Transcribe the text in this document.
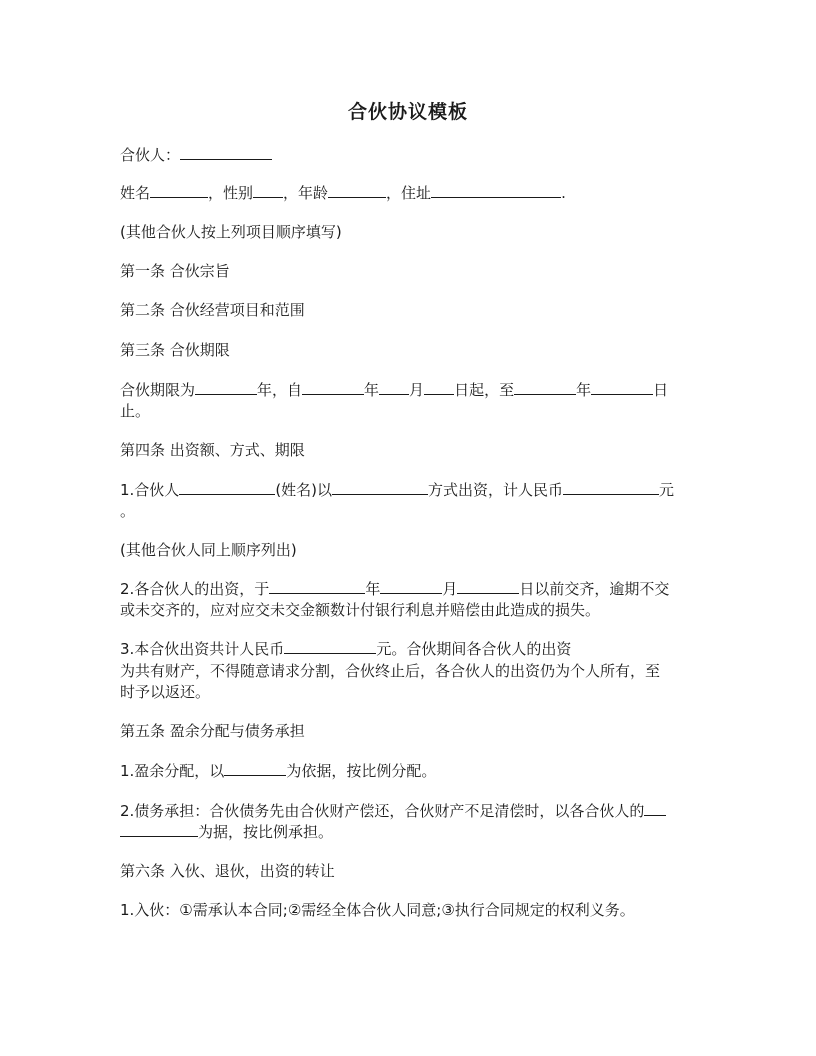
合伙协议模板
合伙人：
姓名	，性别 ，年龄	，住址	.
(其他合伙人按上列项目顺序填写)
第一条 合伙宗旨
第二条 合伙经营项目和范围
第三条 合伙期限
合伙期限为	年，自	年 月 日起，至	年	日
止。
第四条 出资额、方式、期限
1.合伙人	(姓名)以	方式出资，计人民币	元
。
(其他合伙人同上顺序列出)
2.各合伙人的出资，于	年	月	日以前交齐，逾期不交
或未交齐的，应对应交未交金额数计付银行利息并赔偿由此造成的损失。
3.本合伙出资共计人民币	元。合伙期间各合伙人的出资
为共有财产，不得随意请求分割，合伙终止后，各合伙人的出资仍为个人所有，至
时予以返还。
第五条 盈余分配与债务承担
1.盈余分配，以	为依据，按比例分配。
2.债务承担：合伙债务先由合伙财产偿还，合伙财产不足清偿时，以各合伙人的
为据，按比例承担。
第六条 入伙、退伙，出资的转让
1.入伙：①需承认本合同;②需经全体合伙人同意;③执行合同规定的权利义务。
